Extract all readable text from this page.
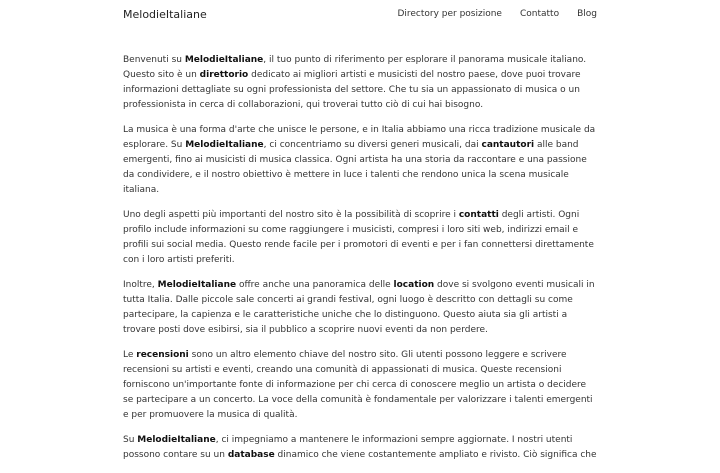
MelodieItaliane	Directory per posizione Contatto Blog

Benvenuti su MelodieItaliane, il tuo punto di riferimento per esplorare il panorama musicale italiano. Questo sito è un direttorio dedicato ai migliori artisti e musicisti del nostro paese, dove puoi trovare informazioni dettagliate su ogni professionista del settore. Che tu sia un appassionato di musica o un professionista in cerca di collaborazioni, qui troverai tutto ciò di cui hai bisogno.

La musica è una forma d'arte che unisce le persone, e in Italia abbiamo una ricca tradizione musicale da esplorare. Su MelodieItaliane, ci concentriamo su diversi generi musicali, dai cantautori alle band emergenti, fino ai musicisti di musica classica. Ogni artista ha una storia da raccontare e una passione da condividere, e il nostro obiettivo è mettere in luce i talenti che rendono unica la scena musicale italiana.

Uno degli aspetti più importanti del nostro sito è la possibilità di scoprire i contatti degli artisti. Ogni profilo include informazioni su come raggiungere i musicisti, compresi i loro siti web, indirizzi email e profili sui social media. Questo rende facile per i promotori di eventi e per i fan connettersi direttamente con i loro artisti preferiti.

Inoltre, MelodieItaliane offre anche una panoramica delle location dove si svolgono eventi musicali in tutta Italia. Dalle piccole sale concerti ai grandi festival, ogni luogo è descritto con dettagli su come partecipare, la capienza e le caratteristiche uniche che lo distinguono. Questo aiuta sia gli artisti a trovare posti dove esibirsi, sia il pubblico a scoprire nuovi eventi da non perdere.

Le recensioni sono un altro elemento chiave del nostro sito. Gli utenti possono leggere e scrivere recensioni su artisti e eventi, creando una comunità di appassionati di musica. Queste recensioni forniscono un'importante fonte di informazione per chi cerca di conoscere meglio un artista o decidere se partecipare a un concerto. La voce della comunità è fondamentale per valorizzare i talenti emergenti e per promuovere la musica di qualità.

Su MelodieItaliane, ci impegniamo a mantenere le informazioni sempre aggiornate. I nostri utenti possono contare su un database dinamico che viene costantemente ampliato e rivisto. Ciò significa che
